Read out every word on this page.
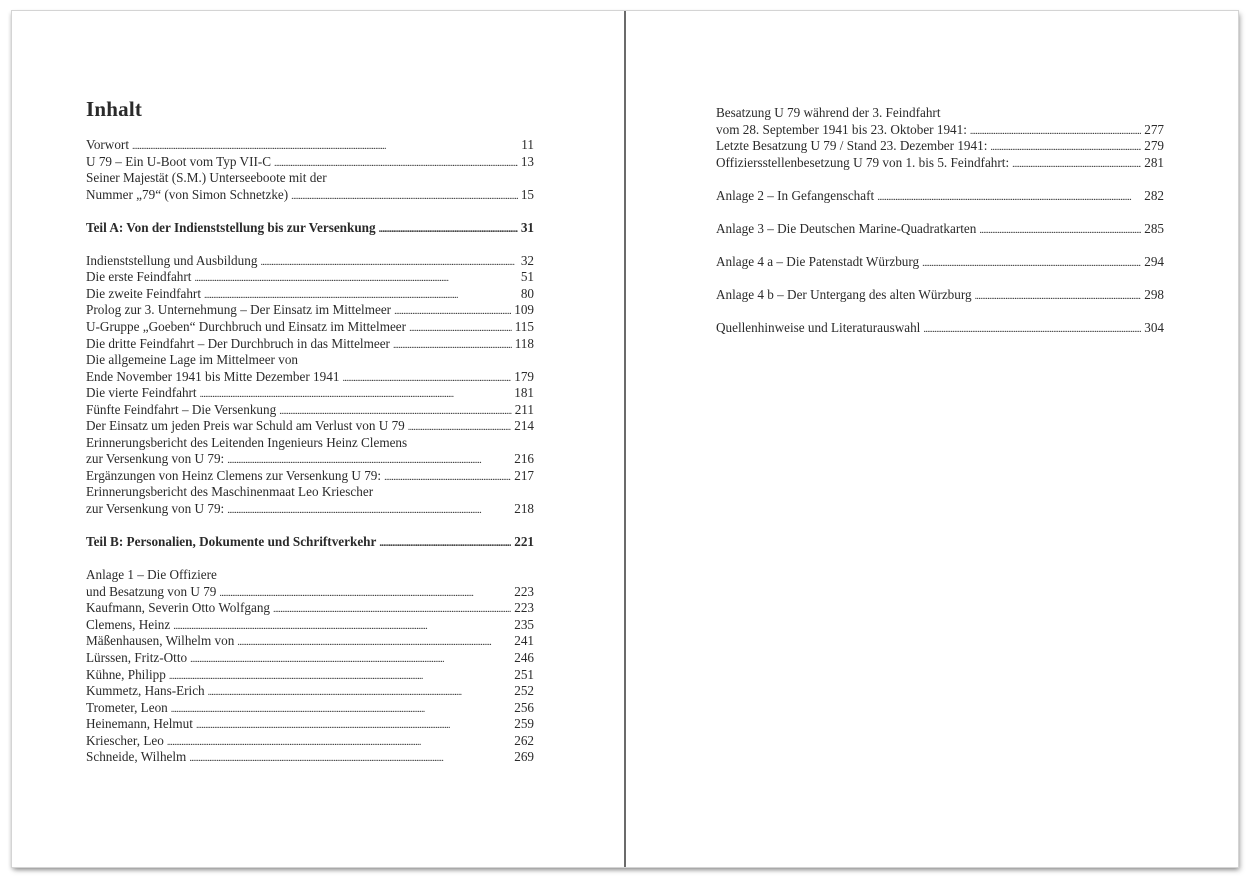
Inhalt
Vorwort . . .	11
U 79 – Ein U-Boot vom Typ VII-C . . .	13
Seiner Majestät (S.M.) Unterseeboote mit der
Nummer „79“ (von Simon Schnetzke) . . .	15
Teil A: Von der Indienststellung bis zur Versenkung . . .	31
Indienststellung und Ausbildung . . .	32
Die erste Feindfahrt . . .	51
Die zweite Feindfahrt . . .	80
Prolog zur 3. Unternehmung – Der Einsatz im Mittelmeer . . .	109
U-Gruppe „Goeben“ Durchbruch und Einsatz im Mittelmeer . . .	115
Die dritte Feindfahrt – Der Durchbruch in das Mittelmeer . . .	118
Die allgemeine Lage im Mittelmeer von
Ende November 1941 bis Mitte Dezember 1941 . . .	179
Die vierte Feindfahrt . . .	181
Fünfte Feindfahrt – Die Versenkung . . .	211
Der Einsatz um jeden Preis war Schuld am Verlust von U 79 . . .	214
Erinnerungsbericht des Leitenden Ingenieurs Heinz Clemens
zur Versenkung von U 79: . . .	216
Ergänzungen von Heinz Clemens zur Versenkung U 79: . . .	217
Erinnerungsbericht des Maschinenmaat Leo Kriescher
zur Versenkung von U 79: . . .	218
Teil B: Personalien, Dokumente und Schriftverkehr . . .	221
Anlage 1 – Die Offiziere
und Besatzung von U 79 . . .	223
Kaufmann, Severin Otto Wolfgang . . .	223
Clemens, Heinz . . .	235
Mäßenhausen, Wilhelm von . . .	241
Lürssen, Fritz-Otto . . .	246
Kühne, Philipp . . .	251
Kummetz, Hans-Erich . . .	252
Trometer, Leon . . .	256
Heinemann, Helmut . . .	259
Kriescher, Leo . . .	262
Schneide, Wilhelm . . .	269
Besatzung U 79 während der 3. Feindfahrt
vom 28. September 1941 bis 23. Oktober 1941: . . .	277
Letzte Besatzung U 79 / Stand 23. Dezember 1941: . . .	279
Offiziersstellenbesetzung U 79 von 1. bis 5. Feindfahrt: . . .	281
Anlage 2 – In Gefangenschaft . . .	282
Anlage 3 – Die Deutschen Marine-Quadratkarten . . .	285
Anlage 4 a – Die Patenstadt Würzburg . . .	294
Anlage 4 b – Der Untergang des alten Würzburg . . .	298
Quellenhinweise und Literaturauswahl . . .	304
